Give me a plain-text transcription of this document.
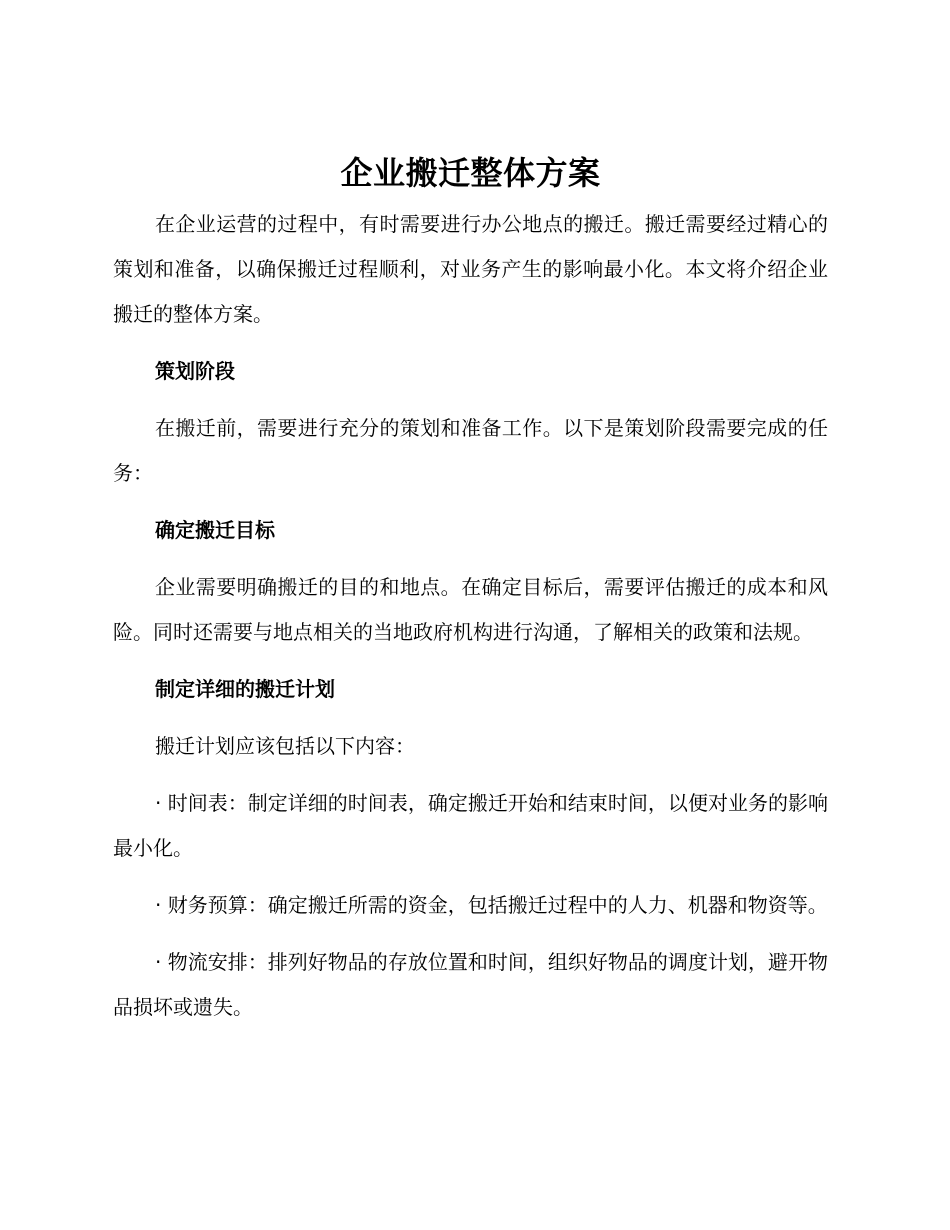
企业搬迁整体方案

在企业运营的过程中，有时需要进行办公地点的搬迁。搬迁需要经过精心的策划和准备，以确保搬迁过程顺利，对业务产生的影响最小化。本文将介绍企业搬迁的整体方案。

策划阶段

在搬迁前，需要进行充分的策划和准备工作。以下是策划阶段需要完成的任务：

确定搬迁目标

企业需要明确搬迁的目的和地点。在确定目标后，需要评估搬迁的成本和风险。同时还需要与地点相关的当地政府机构进行沟通，了解相关的政策和法规。

制定详细的搬迁计划

搬迁计划应该包括以下内容：

· 时间表：制定详细的时间表，确定搬迁开始和结束时间，以便对业务的影响最小化。

· 财务预算：确定搬迁所需的资金，包括搬迁过程中的人力、机器和物资等。

· 物流安排：排列好物品的存放位置和时间，组织好物品的调度计划，避开物品损坏或遗失。
